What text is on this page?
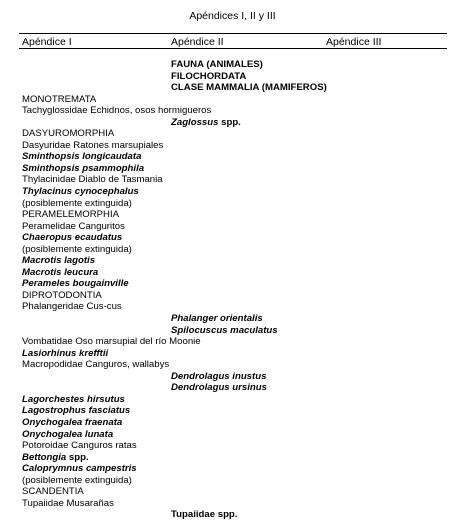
Apéndices I, II y III
Apéndice I	Apéndice II	Apéndice III
FAUNA (ANIMALES)
FILOCHORDATA
CLASE MAMMALIA (MAMIFEROS)
MONOTREMATA
Tachyglossidae Echidnos, osos hormigueros
Zaglossus spp.
DASYUROMORPHIA
Dasyuridae Ratones marsupiales
Sminthopsis longicaudata
Sminthopsis psammophila
Thylacinidae Diablo de Tasmania
Thylacinus cynocephalus
(posiblemente extinguida)
PERAMELEMORPHIA
Peramelidae Canguritos
Chaeropus ecaudatus
(posiblemente extinguida)
Macrotis lagotis
Macrotis leucura
Perameles bougainville
DIPROTODONTIA
Phalangeridae Cus-cus
Phalanger orientalis
Spilocuscus maculatus
Vombatidae Oso marsupial del río Moonie
Lasiorhinus krefftii
Macropodidae Canguros, wallabys
Dendrolagus inustus
Dendrolagus ursinus
Lagorchestes hirsutus
Lagostrophus fasciatus
Onychogalea fraenata
Onychogalea lunata
Potoroidae Canguros ratas
Bettongia spp.
Caloprymnus campestris
(posiblemente extinguida)
SCANDENTIA
Tupaiidae Musarañas
Tupaiidae spp.
